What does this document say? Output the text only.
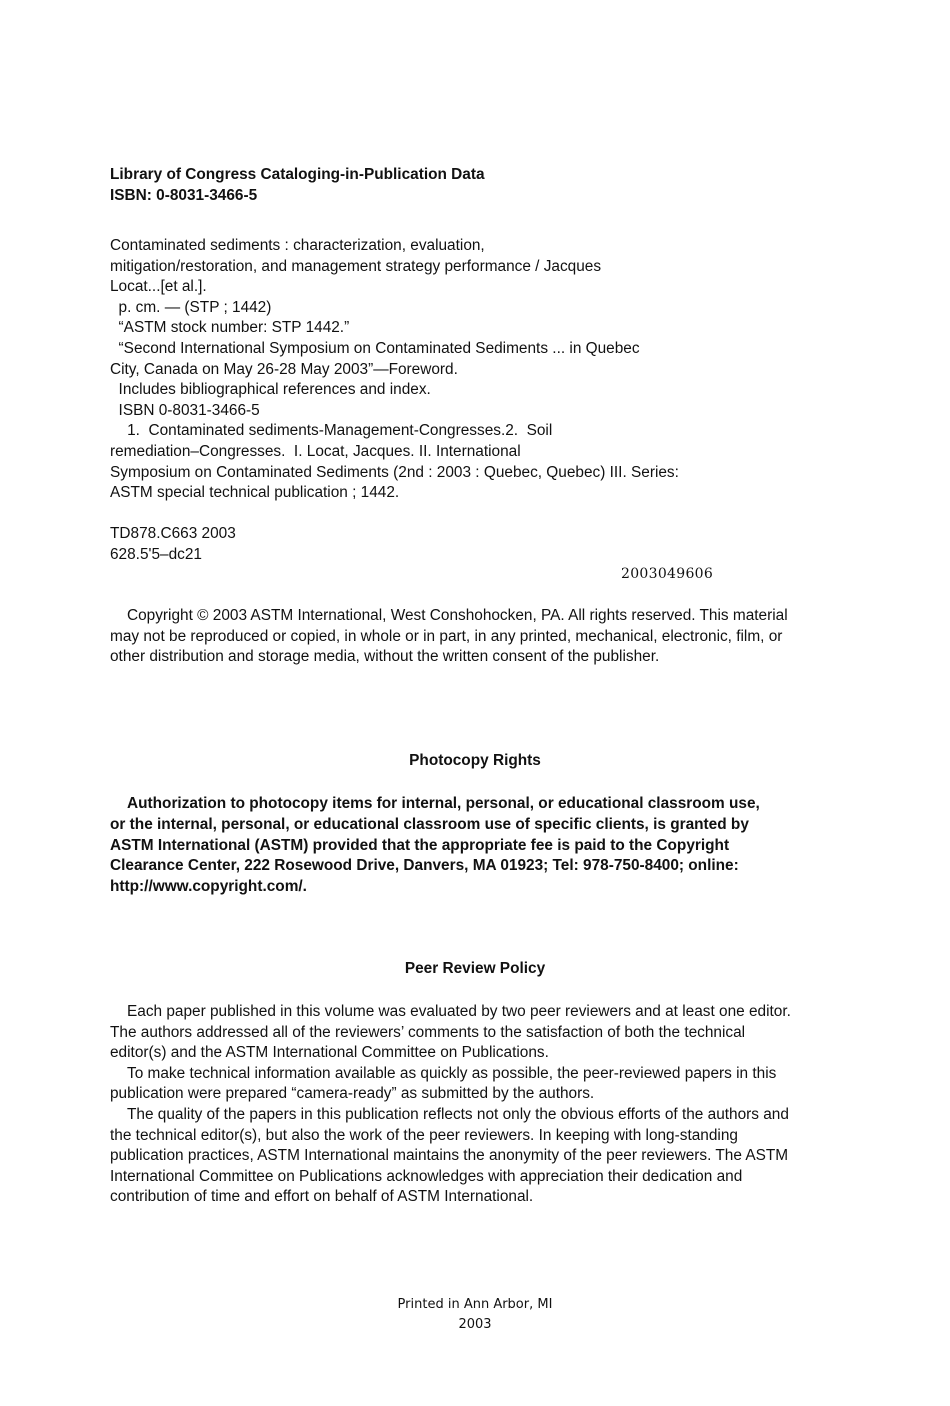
Library of Congress Cataloging-in-Publication Data
ISBN: 0-8031-3466-5
Contaminated sediments : characterization, evaluation,
mitigation/restoration, and management strategy performance / Jacques
Locat...[et al.].
p. cm. — (STP ; 1442)
“ASTM stock number: STP 1442.”
“Second International Symposium on Contaminated Sediments ... in Quebec
City, Canada on May 26-28 May 2003”—Foreword.
Includes bibliographical references and index.
ISBN 0-8031-3466-5
1.  Contaminated sediments-Management-Congresses.2.  Soil
remediation–Congresses.  I. Locat, Jacques. II. International
Symposium on Contaminated Sediments (2nd : 2003 : Quebec, Quebec) III. Series:
ASTM special technical publication ; 1442.
TD878.C663 2003
628.5'5–dc21
2003049606
Copyright © 2003 ASTM International, West Conshohocken, PA. All rights reserved. This material
may not be reproduced or copied, in whole or in part, in any printed, mechanical, electronic, film, or
other distribution and storage media, without the written consent of the publisher.
Photocopy Rights
Authorization to photocopy items for internal, personal, or educational classroom use,
or the internal, personal, or educational classroom use of specific clients, is granted by
ASTM International (ASTM) provided that the appropriate fee is paid to the Copyright
Clearance Center, 222 Rosewood Drive, Danvers, MA 01923; Tel: 978-750-8400; online:
http://www.copyright.com/.
Peer Review Policy
Each paper published in this volume was evaluated by two peer reviewers and at least one editor.
The authors addressed all of the reviewers’ comments to the satisfaction of both the technical
editor(s) and the ASTM International Committee on Publications.
To make technical information available as quickly as possible, the peer-reviewed papers in this
publication were prepared “camera-ready” as submitted by the authors.
The quality of the papers in this publication reflects not only the obvious efforts of the authors and
the technical editor(s), but also the work of the peer reviewers. In keeping with long-standing
publication practices, ASTM International maintains the anonymity of the peer reviewers. The ASTM
International Committee on Publications acknowledges with appreciation their dedication and
contribution of time and effort on behalf of ASTM International.
Printed in Ann Arbor, MI
2003
